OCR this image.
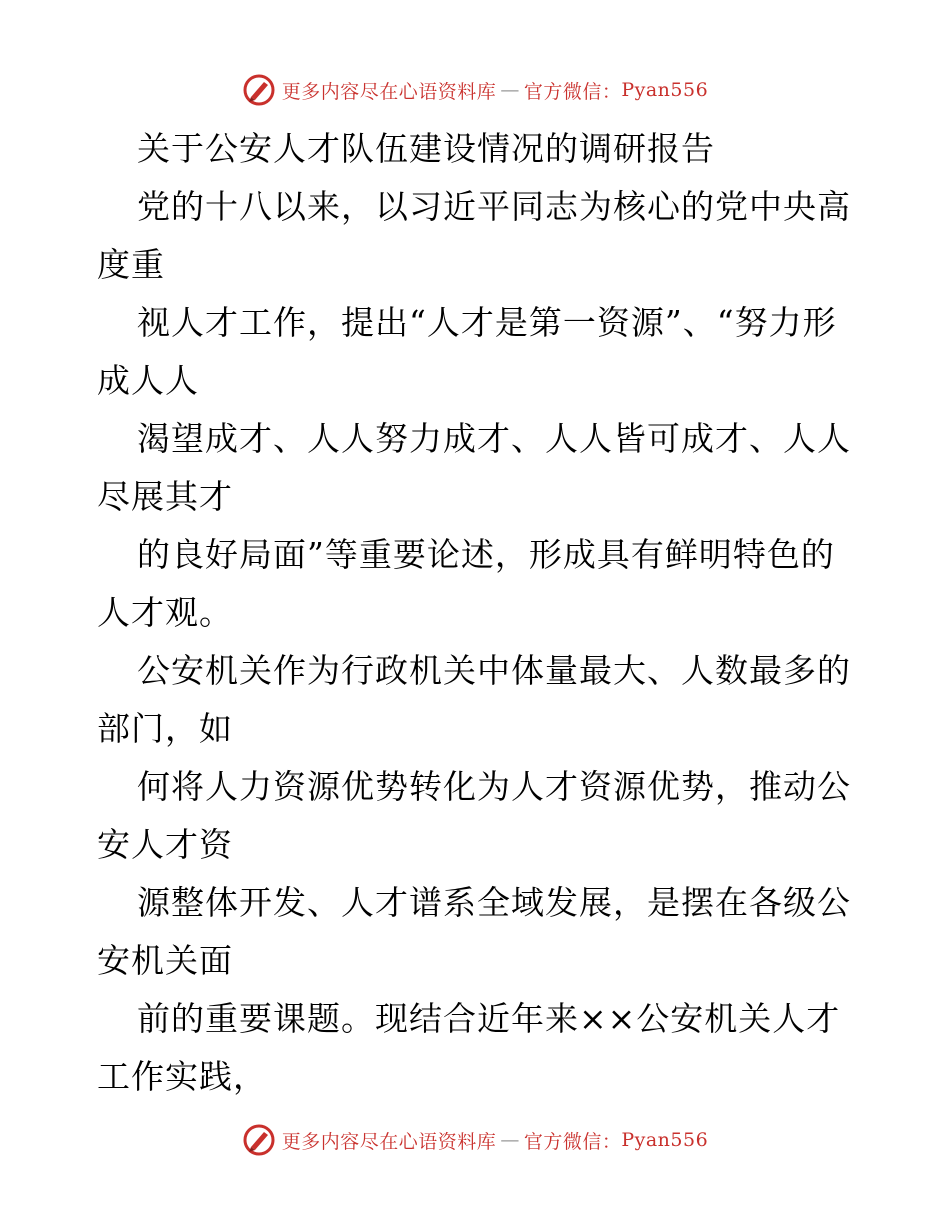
更多内容尽在心语资料库 — 官方微信： Pyan556

关于公安人才队伍建设情况的调研报告

党的十八以来，以习近平同志为核心的党中央高度重

视人才工作，提出“人才是第一资源”、“努力形成人人

渴望成才、人人努力成才、人人皆可成才、人人尽展其才

的良好局面”等重要论述，形成具有鲜明特色的人才观。

公安机关作为行政机关中体量最大、人数最多的部门，如

何将人力资源优势转化为人才资源优势，推动公安人才资

源整体开发、人才谱系全域发展，是摆在各级公安机关面

前的重要课题。现结合近年来××公安机关人才工作实践，

更多内容尽在心语资料库 — 官方微信： Pyan556
